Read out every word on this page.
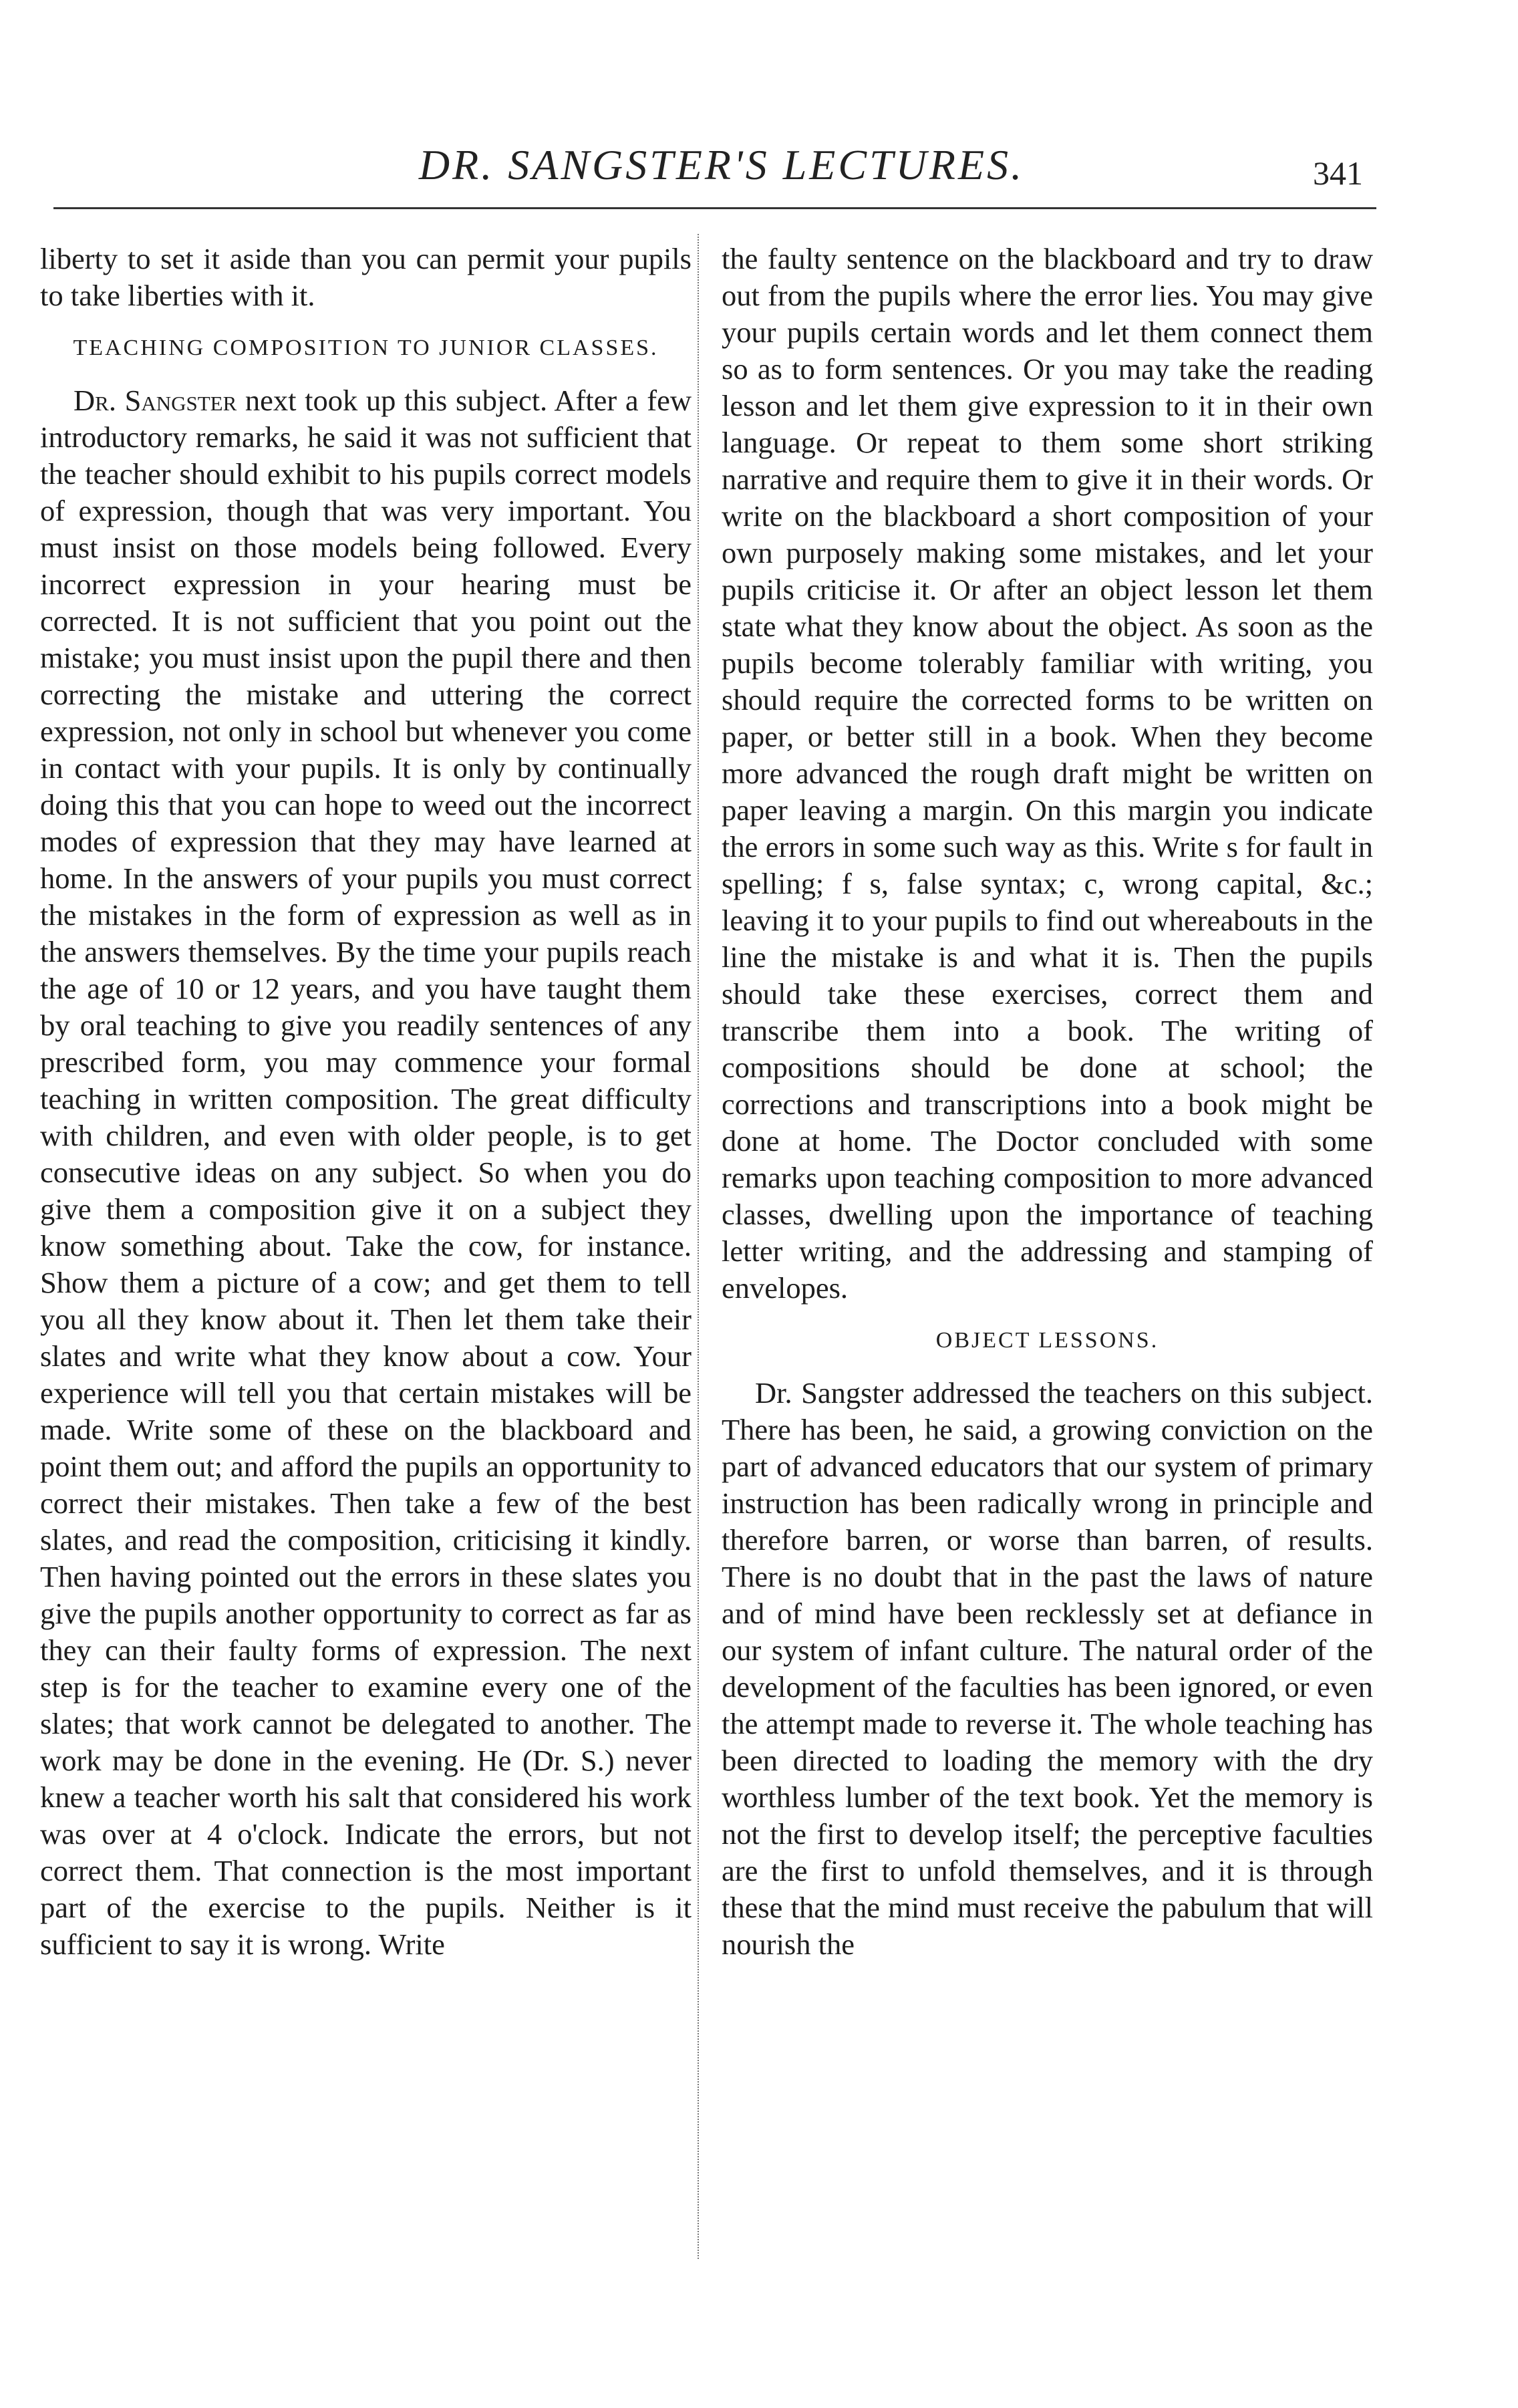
DR. SANGSTER'S LECTURES.	341

liberty to set it aside than you can permit your pupils to take liberties with it.

TEACHING COMPOSITION TO JUNIOR CLASSES.

Dr. Sangster next took up this subject. After a few introductory remarks, he said it was not sufficient that the teacher should exhibit to his pupils correct models of expression, though that was very important. You must insist on those models being followed. Every incorrect expression in your hearing must be corrected. It is not sufficient that you point out the mistake; you must insist upon the pupil there and then correcting the mistake and uttering the correct expression, not only in school but whenever you come in contact with your pupils. It is only by continually doing this that you can hope to weed out the incorrect modes of expression that they may have learned at home. In the answers of your pupils you must correct the mistakes in the form of expression as well as in the answers themselves. By the time your pupils reach the age of 10 or 12 years, and you have taught them by oral teaching to give you readily sentences of any prescribed form, you may commence your formal teaching in written composition. The great difficulty with children, and even with older people, is to get consecutive ideas on any subject. So when you do give them a composition give it on a subject they know something about. Take the cow, for instance. Show them a picture of a cow; and get them to tell you all they know about it. Then let them take their slates and write what they know about a cow. Your experience will tell you that certain mistakes will be made. Write some of these on the blackboard and point them out; and afford the pupils an opportunity to correct their mistakes. Then take a few of the best slates, and read the composition, criticising it kindly. Then having pointed out the errors in these slates you give the pupils another opportunity to correct as far as they can their faulty forms of expression. The next step is for the teacher to examine every one of the slates; that work cannot be delegated to another. The work may be done in the evening. He (Dr. S.) never knew a teacher worth his salt that considered his work was over at 4 o'clock. Indicate the errors, but not correct them. That connection is the most important part of the exercise to the pupils. Neither is it sufficient to say it is wrong. Write

the faulty sentence on the blackboard and try to draw out from the pupils where the error lies. You may give your pupils certain words and let them connect them so as to form sentences. Or you may take the reading lesson and let them give expression to it in their own language. Or repeat to them some short striking narrative and require them to give it in their words. Or write on the blackboard a short composition of your own purposely making some mistakes, and let your pupils criticise it. Or after an object lesson let them state what they know about the object. As soon as the pupils become tolerably familiar with writing, you should require the corrected forms to be written on paper, or better still in a book. When they become more advanced the rough draft might be written on paper leaving a margin. On this margin you indicate the errors in some such way as this. Write s for fault in spelling; f s, false syntax; c, wrong capital, &c.; leaving it to your pupils to find out whereabouts in the line the mistake is and what it is. Then the pupils should take these exercises, correct them and transcribe them into a book. The writing of compositions should be done at school; the corrections and transcriptions into a book might be done at home. The Doctor concluded with some remarks upon teaching composition to more advanced classes, dwelling upon the importance of teaching letter writing, and the addressing and stamping of envelopes.

OBJECT LESSONS.

Dr. Sangster addressed the teachers on this subject. There has been, he said, a growing conviction on the part of advanced educators that our system of primary instruction has been radically wrong in principle and therefore barren, or worse than barren, of results. There is no doubt that in the past the laws of nature and of mind have been recklessly set at defiance in our system of infant culture. The natural order of the development of the faculties has been ignored, or even the attempt made to reverse it. The whole teaching has been directed to loading the memory with the dry worthless lumber of the text book. Yet the memory is not the first to develop itself; the perceptive faculties are the first to unfold themselves, and it is through these that the mind must receive the pabulum that will nourish the
